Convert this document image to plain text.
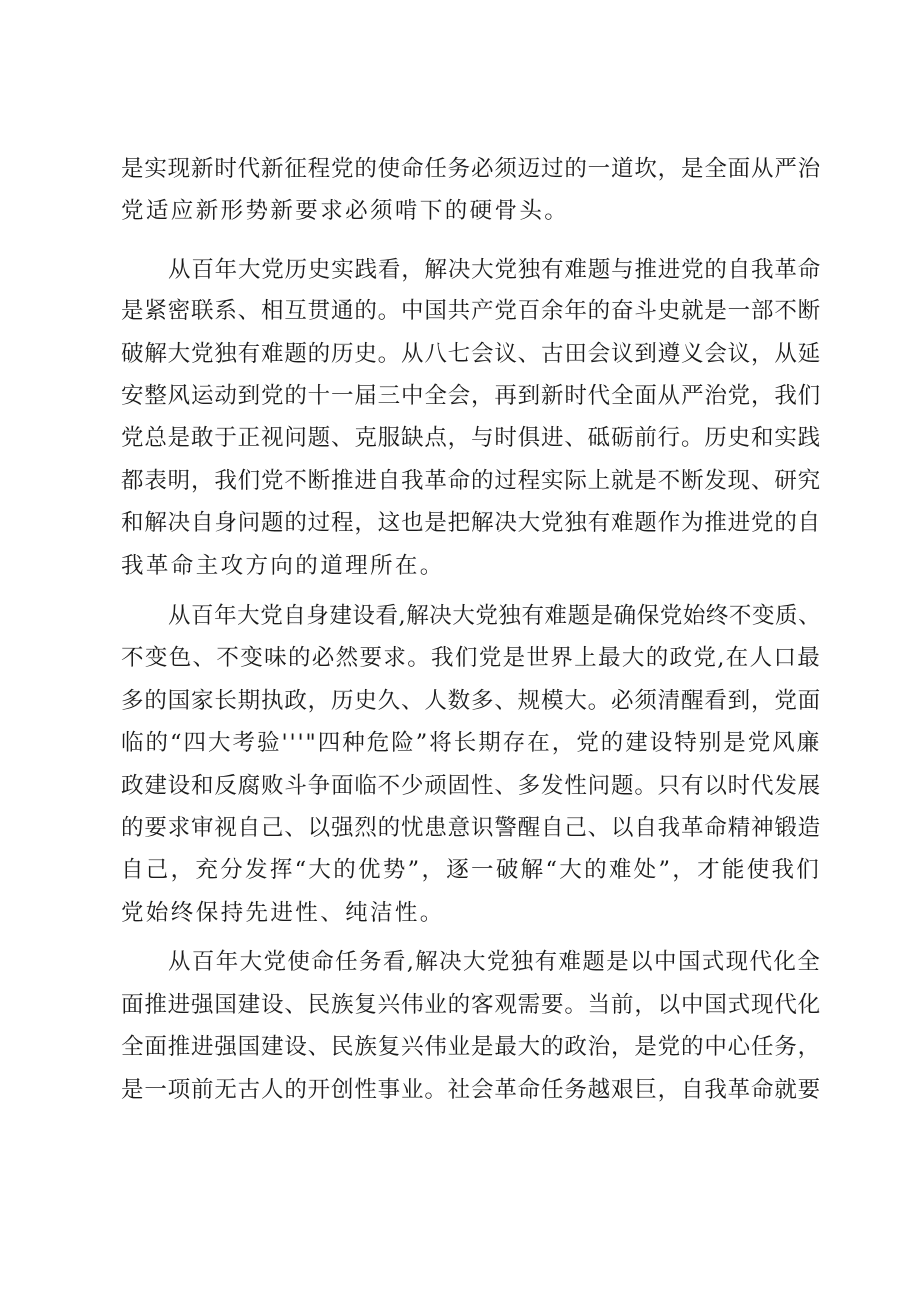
是实现新时代新征程党的使命任务必须迈过的一道坎，是全面从严治
党适应新形势新要求必须啃下的硬骨头。
从百年大党历史实践看，解决大党独有难题与推进党的自我革命
是紧密联系、相互贯通的。中国共产党百余年的奋斗史就是一部不断
破解大党独有难题的历史。从八七会议、古田会议到遵义会议，从延
安整风运动到党的十一届三中全会，再到新时代全面从严治党，我们
党总是敢于正视问题、克服缺点，与时俱进、砥砺前行。历史和实践
都表明，我们党不断推进自我革命的过程实际上就是不断发现、研究
和解决自身问题的过程，这也是把解决大党独有难题作为推进党的自
我革命主攻方向的道理所在。
从百年大党自身建设看,解决大党独有难题是确保党始终不变质、
不变色、不变味的必然要求。我们党是世界上最大的政党,在人口最
多的国家长期执政，历史久、人数多、规模大。必须清醒看到，党面
临的“四大考验'''"四种危险”将长期存在，党的建设特别是党风廉
政建设和反腐败斗争面临不少顽固性、多发性问题。只有以时代发展
的要求审视自己、以强烈的忧患意识警醒自己、以自我革命精神锻造
自己，充分发挥“大的优势”，逐一破解“大的难处”，才能使我们
党始终保持先进性、纯洁性。
从百年大党使命任务看,解决大党独有难题是以中国式现代化全
面推进强国建设、民族复兴伟业的客观需要。当前，以中国式现代化
全面推进强国建设、民族复兴伟业是最大的政治，是党的中心任务，
是一项前无古人的开创性事业。社会革命任务越艰巨，自我革命就要
